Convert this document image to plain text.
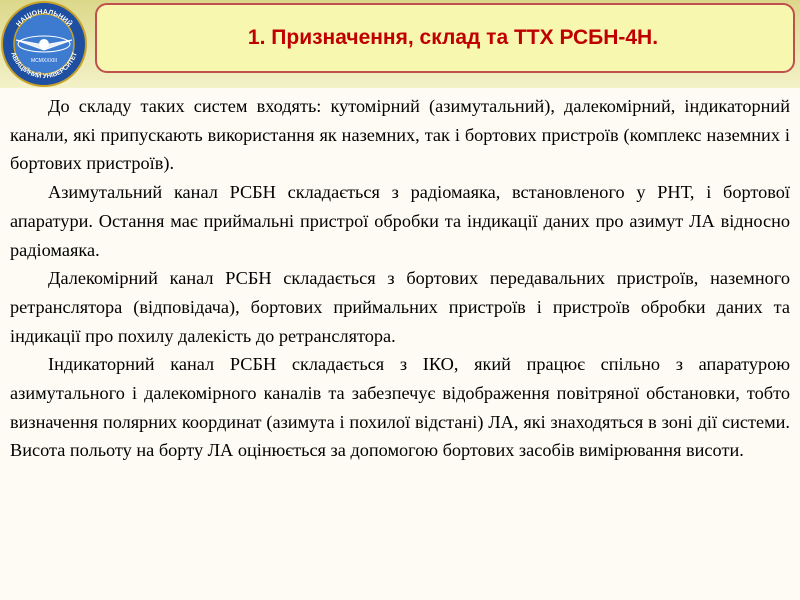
НАЦІОНАЛЬНИЙ
АВІАЦІЙНИЙ УНІВЕРСИТЕТ
MCMXXXIII
1. Призначення, склад та ТТХ РСБН-4Н.

До складу таких систем входять: кутомірний (азимутальний), далекомірний, індикаторний канали, які припускають використання як наземних, так і бортових пристроїв (комплекс наземних і бортових пристроїв).

Азимутальний канал РСБН складається з радіомаяка, встановленого у РНТ, і бортової апаратури. Остання має приймальні пристрої обробки та індикації даних про азимут ЛА відносно радіомаяка.

Далекомірний канал РСБН складається з бортових передавальних пристроїв, наземного ретранслятора (відповідача), бортових приймальних пристроїв і пристроїв обробки даних та індикації про похилу далекість до ретранслятора.

Індикаторний канал РСБН складається з ІКО, який працює спільно з апаратурою азимутального і далекомірного каналів та забезпечує відображення повітряної обстановки, тобто визначення полярних координат (азимута і похилої відстані) ЛА, які знаходяться в зоні дії системи. Висота польоту на борту ЛА оцінюється за допомогою бортових засобів вимірювання висоти.
